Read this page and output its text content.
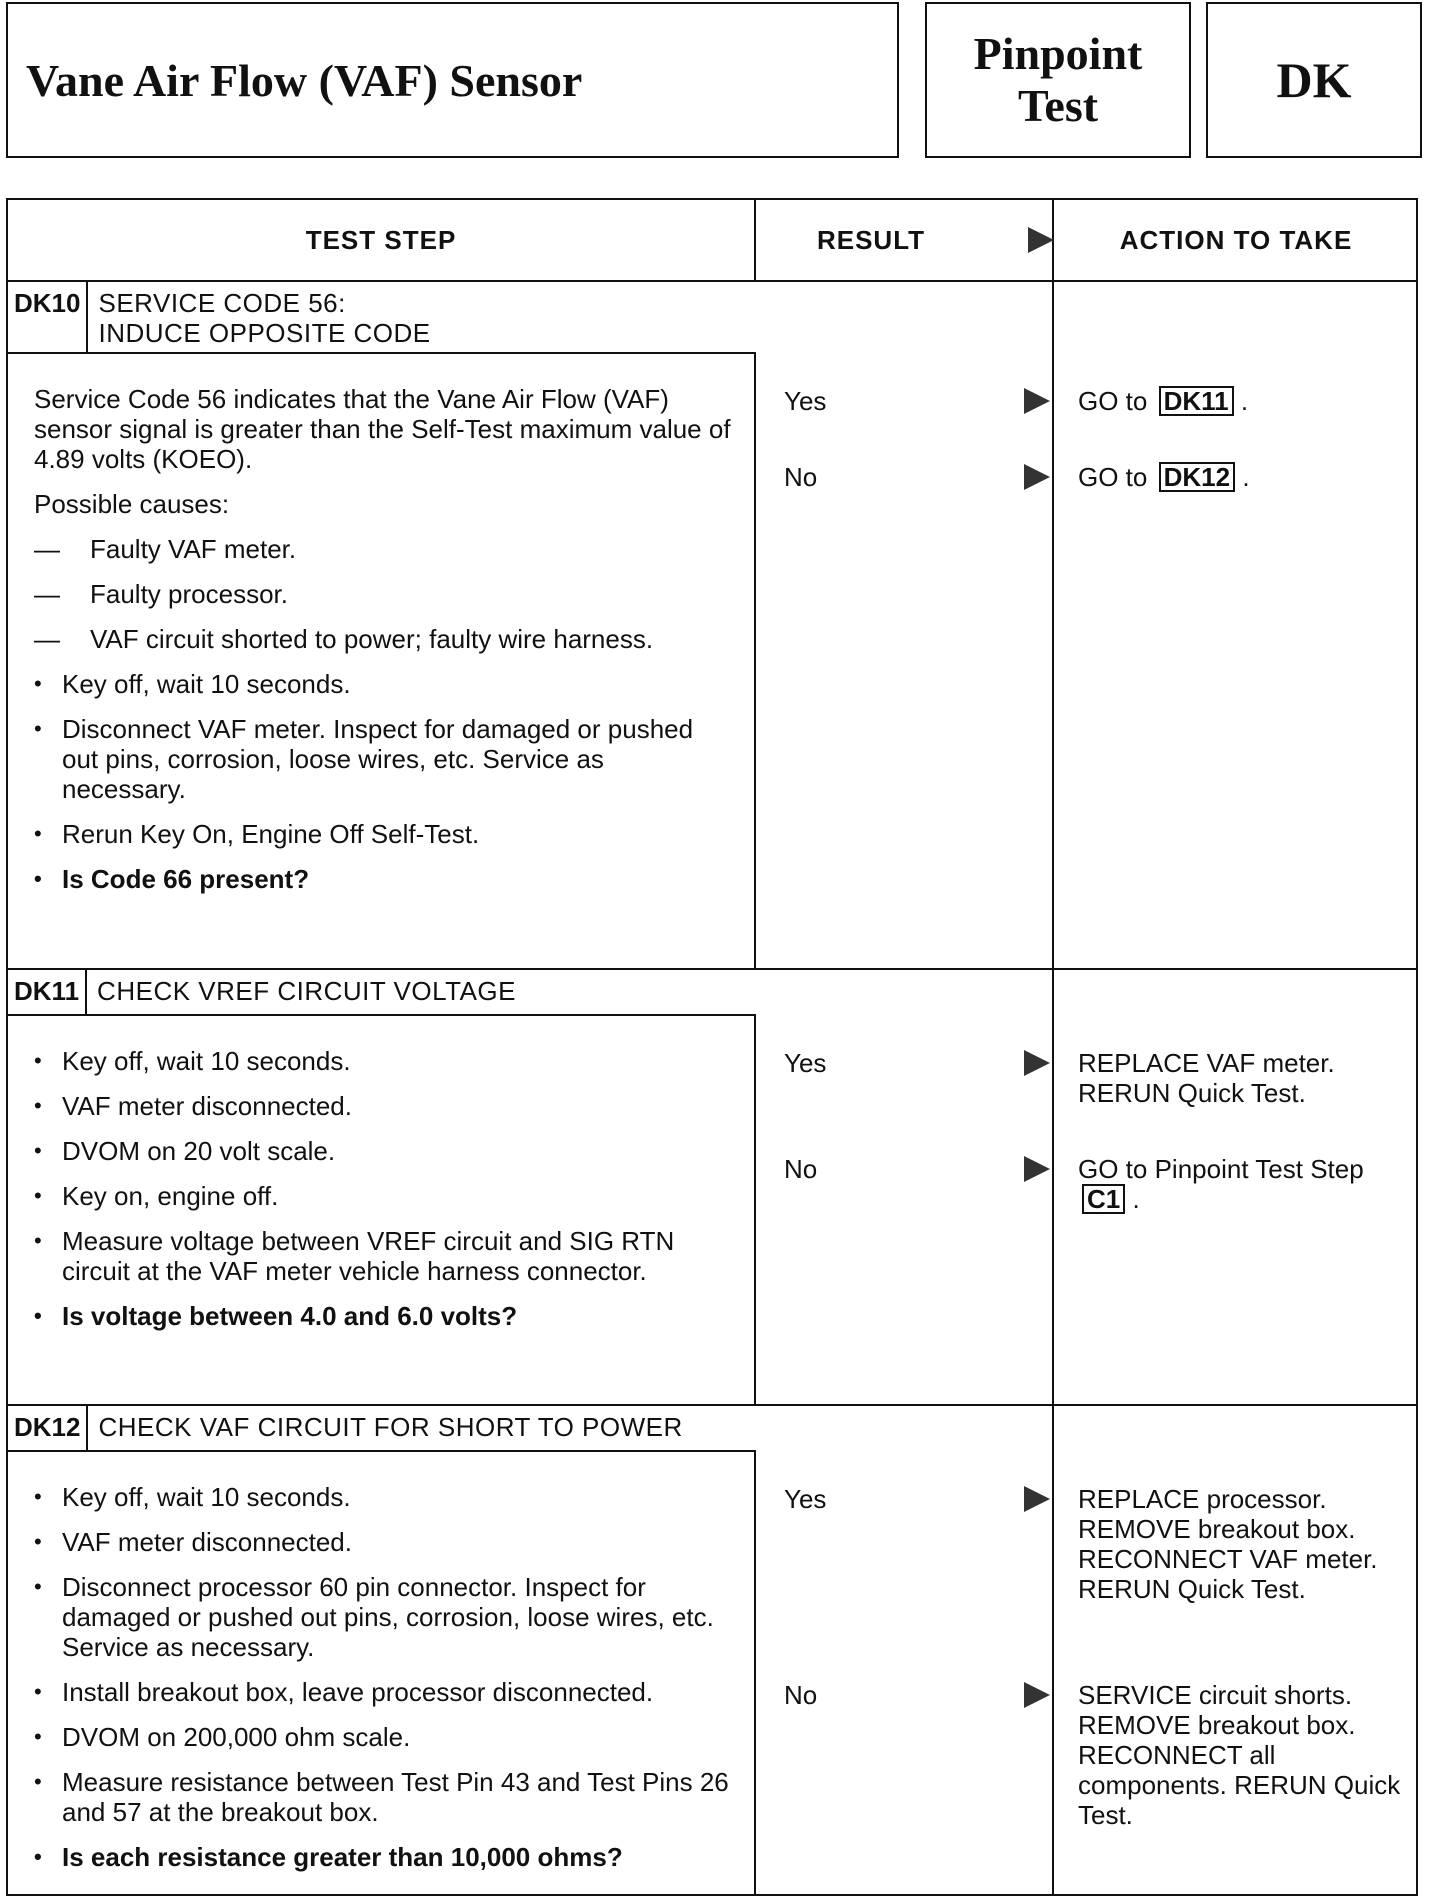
Vane Air Flow (VAF) Sensor
Pinpoint
Test	DK
TEST STEP	RESULT	ACTION TO TAKE
DK10 SERVICE CODE 56:
INDUCE OPPOSITE CODE

Service Code 56 indicates that the Vane Air Flow (VAF) sensor signal is greater than the Self-Test maximum value of 4.89 volts (KOEO).

Possible causes:

—	Faulty VAF meter.
—	Faulty processor.
—	VAF circuit shorted to power; faulty wire harness.
• Key off, wait 10 seconds.
• Disconnect VAF meter. Inspect for damaged or pushed out pins, corrosion, loose wires, etc. Service as necessary.
• Rerun Key On, Engine Off Self-Test.
• Is Code 66 present?
Yes	GO to DK11 .
No	GO to DK12 .
DK11 CHECK VREF CIRCUIT VOLTAGE
• Key off, wait 10 seconds.
• VAF meter disconnected.
• DVOM on 20 volt scale.
• Key on, engine off.
• Measure voltage between VREF circuit and SIG RTN circuit at the VAF meter vehicle harness connector.
• Is voltage between 4.0 and 6.0 volts?
Yes	REPLACE VAF meter. RERUN Quick Test.
No	GO to Pinpoint Test Step C1 .
DK12 CHECK VAF CIRCUIT FOR SHORT TO POWER
• Key off, wait 10 seconds.
• VAF meter disconnected.
• Disconnect processor 60 pin connector. Inspect for damaged or pushed out pins, corrosion, loose wires, etc. Service as necessary.
• Install breakout box, leave processor disconnected.
• DVOM on 200,000 ohm scale.
• Measure resistance between Test Pin 43 and Test Pins 26 and 57 at the breakout box.
• Is each resistance greater than 10,000 ohms?
Yes	REPLACE processor. REMOVE breakout box. RECONNECT VAF meter. RERUN Quick Test.
No	SERVICE circuit shorts. REMOVE breakout box. RECONNECT all components. RERUN Quick Test.
